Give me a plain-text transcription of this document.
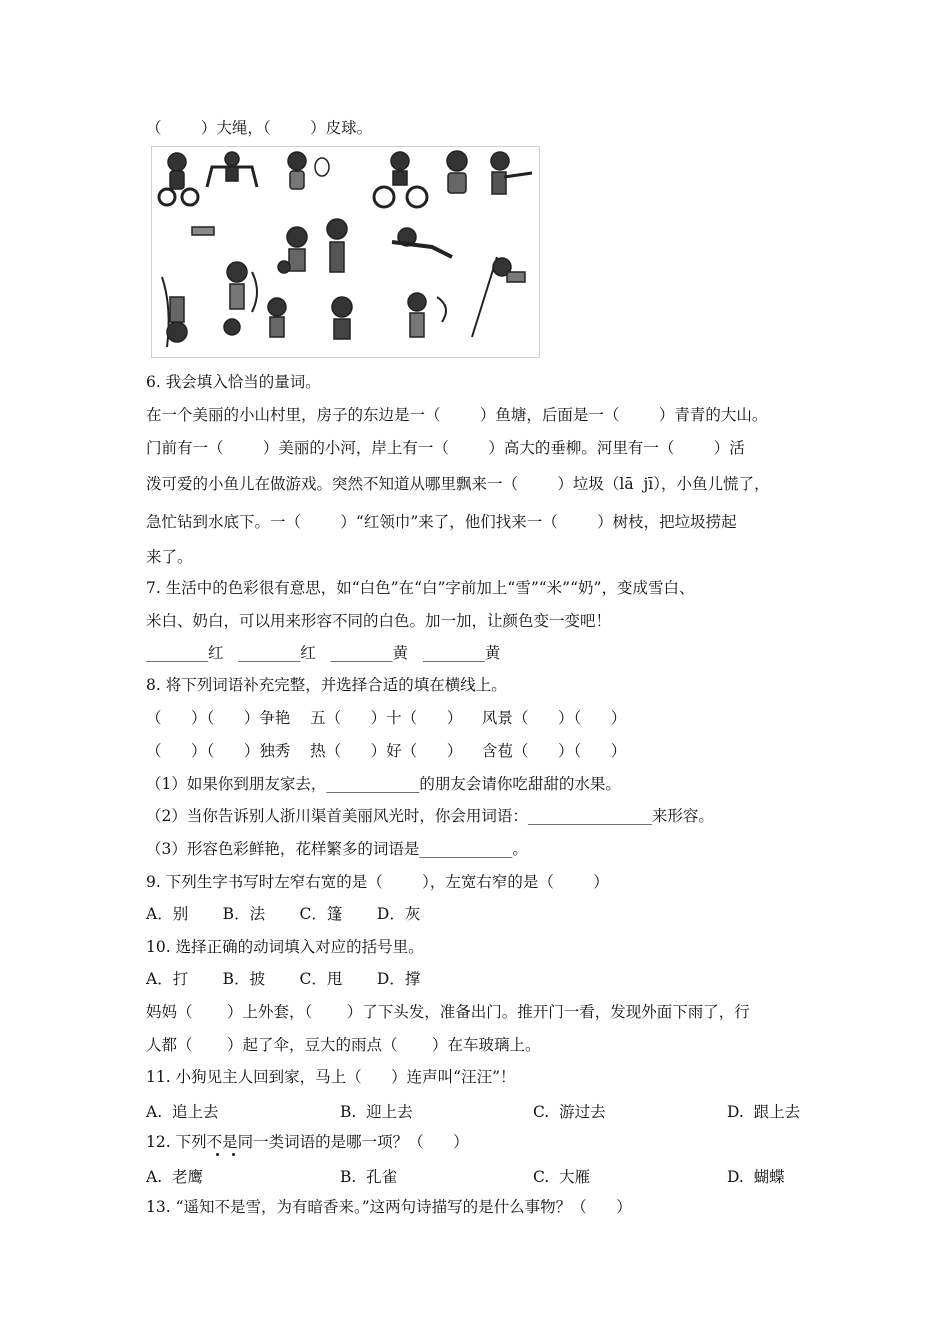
（        ）大绳，（        ）皮球。
6. 我会填入恰当的量词。
在一个美丽的小山村里，房子的东边是一（        ）鱼塘，后面是一（        ）青青的大山。
门前有一（        ）美丽的小河，岸上有一（        ）高大的垂柳。河里有一（        ）活
泼可爱的小鱼儿在做游戏。突然不知道从哪里飘来一（        ）垃圾（lā  jī），小鱼儿慌了，
急忙钻到水底下。一（        ）“红领巾”来了，他们找来一（        ）树枝，把垃圾捞起
来了。
7. 生活中的色彩很有意思，如“白色”在“白”字前加上“雪”“米”“奶”，变成雪白、
米白、奶白，可以用来形容不同的白色。加一加，让颜色变一变吧！
________红   ________红   ________黄   ________黄
8. 将下列词语补充完整，并选择合适的填在横线上。
（      ）（      ）争艳    五（      ）十（      ）    风景（      ）（      ）
（      ）（      ）独秀    热（      ）好（      ）    含苞（      ）（      ）
（1）如果你到朋友家去，____________的朋友会请你吃甜甜的水果。
（2）当你告诉别人浙川渠首美丽风光时，你会用词语：________________来形容。
（3）形容色彩鲜艳，花样繁多的词语是____________。
9. 下列生字书写时左窄右宽的是（        ），左宽右窄的是（        ）
A．别       B．法       C．篷       D．灰
10. 选择正确的动词填入对应的括号里。
A．打       B．披       C．甩       D．撑
妈妈（       ）上外套，（       ）了下头发，准备出门。推开门一看，发现外面下雨了，行
人都（       ）起了伞，豆大的雨点（       ）在车玻璃上。
11. 小狗见主人回到家，马上（      ）连声叫“汪汪”！
A.  追上去	B.  迎上去	C.  游过去	D.  跟上去
12. 下列不是同一类词语的是哪一项？（      ）
A.  老鹰	B.  孔雀	C.  大雁	D.  蝴蝶
13. “遥知不是雪，为有暗香来。”这两句诗描写的是什么事物？（      ）
